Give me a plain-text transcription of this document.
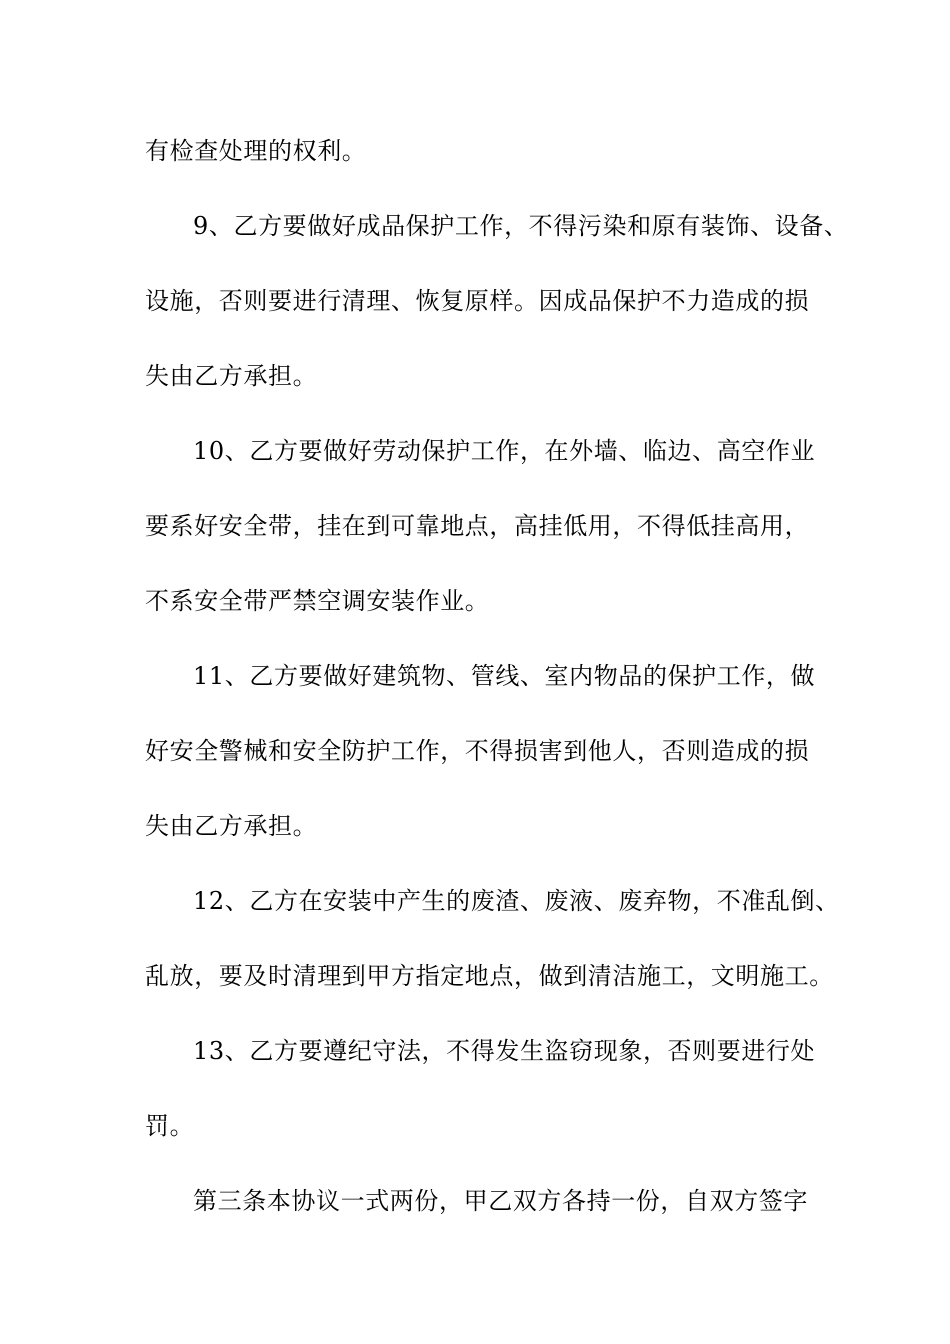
有检查处理的权利。
9、乙方要做好成品保护工作，不得污染和原有装饰、设备、
设施，否则要进行清理、恢复原样。因成品保护不力造成的损
失由乙方承担。
10、乙方要做好劳动保护工作，在外墙、临边、高空作业
要系好安全带，挂在到可靠地点，高挂低用，不得低挂高用，
不系安全带严禁空调安装作业。
11、乙方要做好建筑物、管线、室内物品的保护工作，做
好安全警械和安全防护工作，不得损害到他人，否则造成的损
失由乙方承担。
12、乙方在安装中产生的废渣、废液、废弃物，不准乱倒、
乱放，要及时清理到甲方指定地点，做到清洁施工，文明施工。
13、乙方要遵纪守法，不得发生盗窃现象，否则要进行处
罚。
第三条本协议一式两份，甲乙双方各持一份，自双方签字
